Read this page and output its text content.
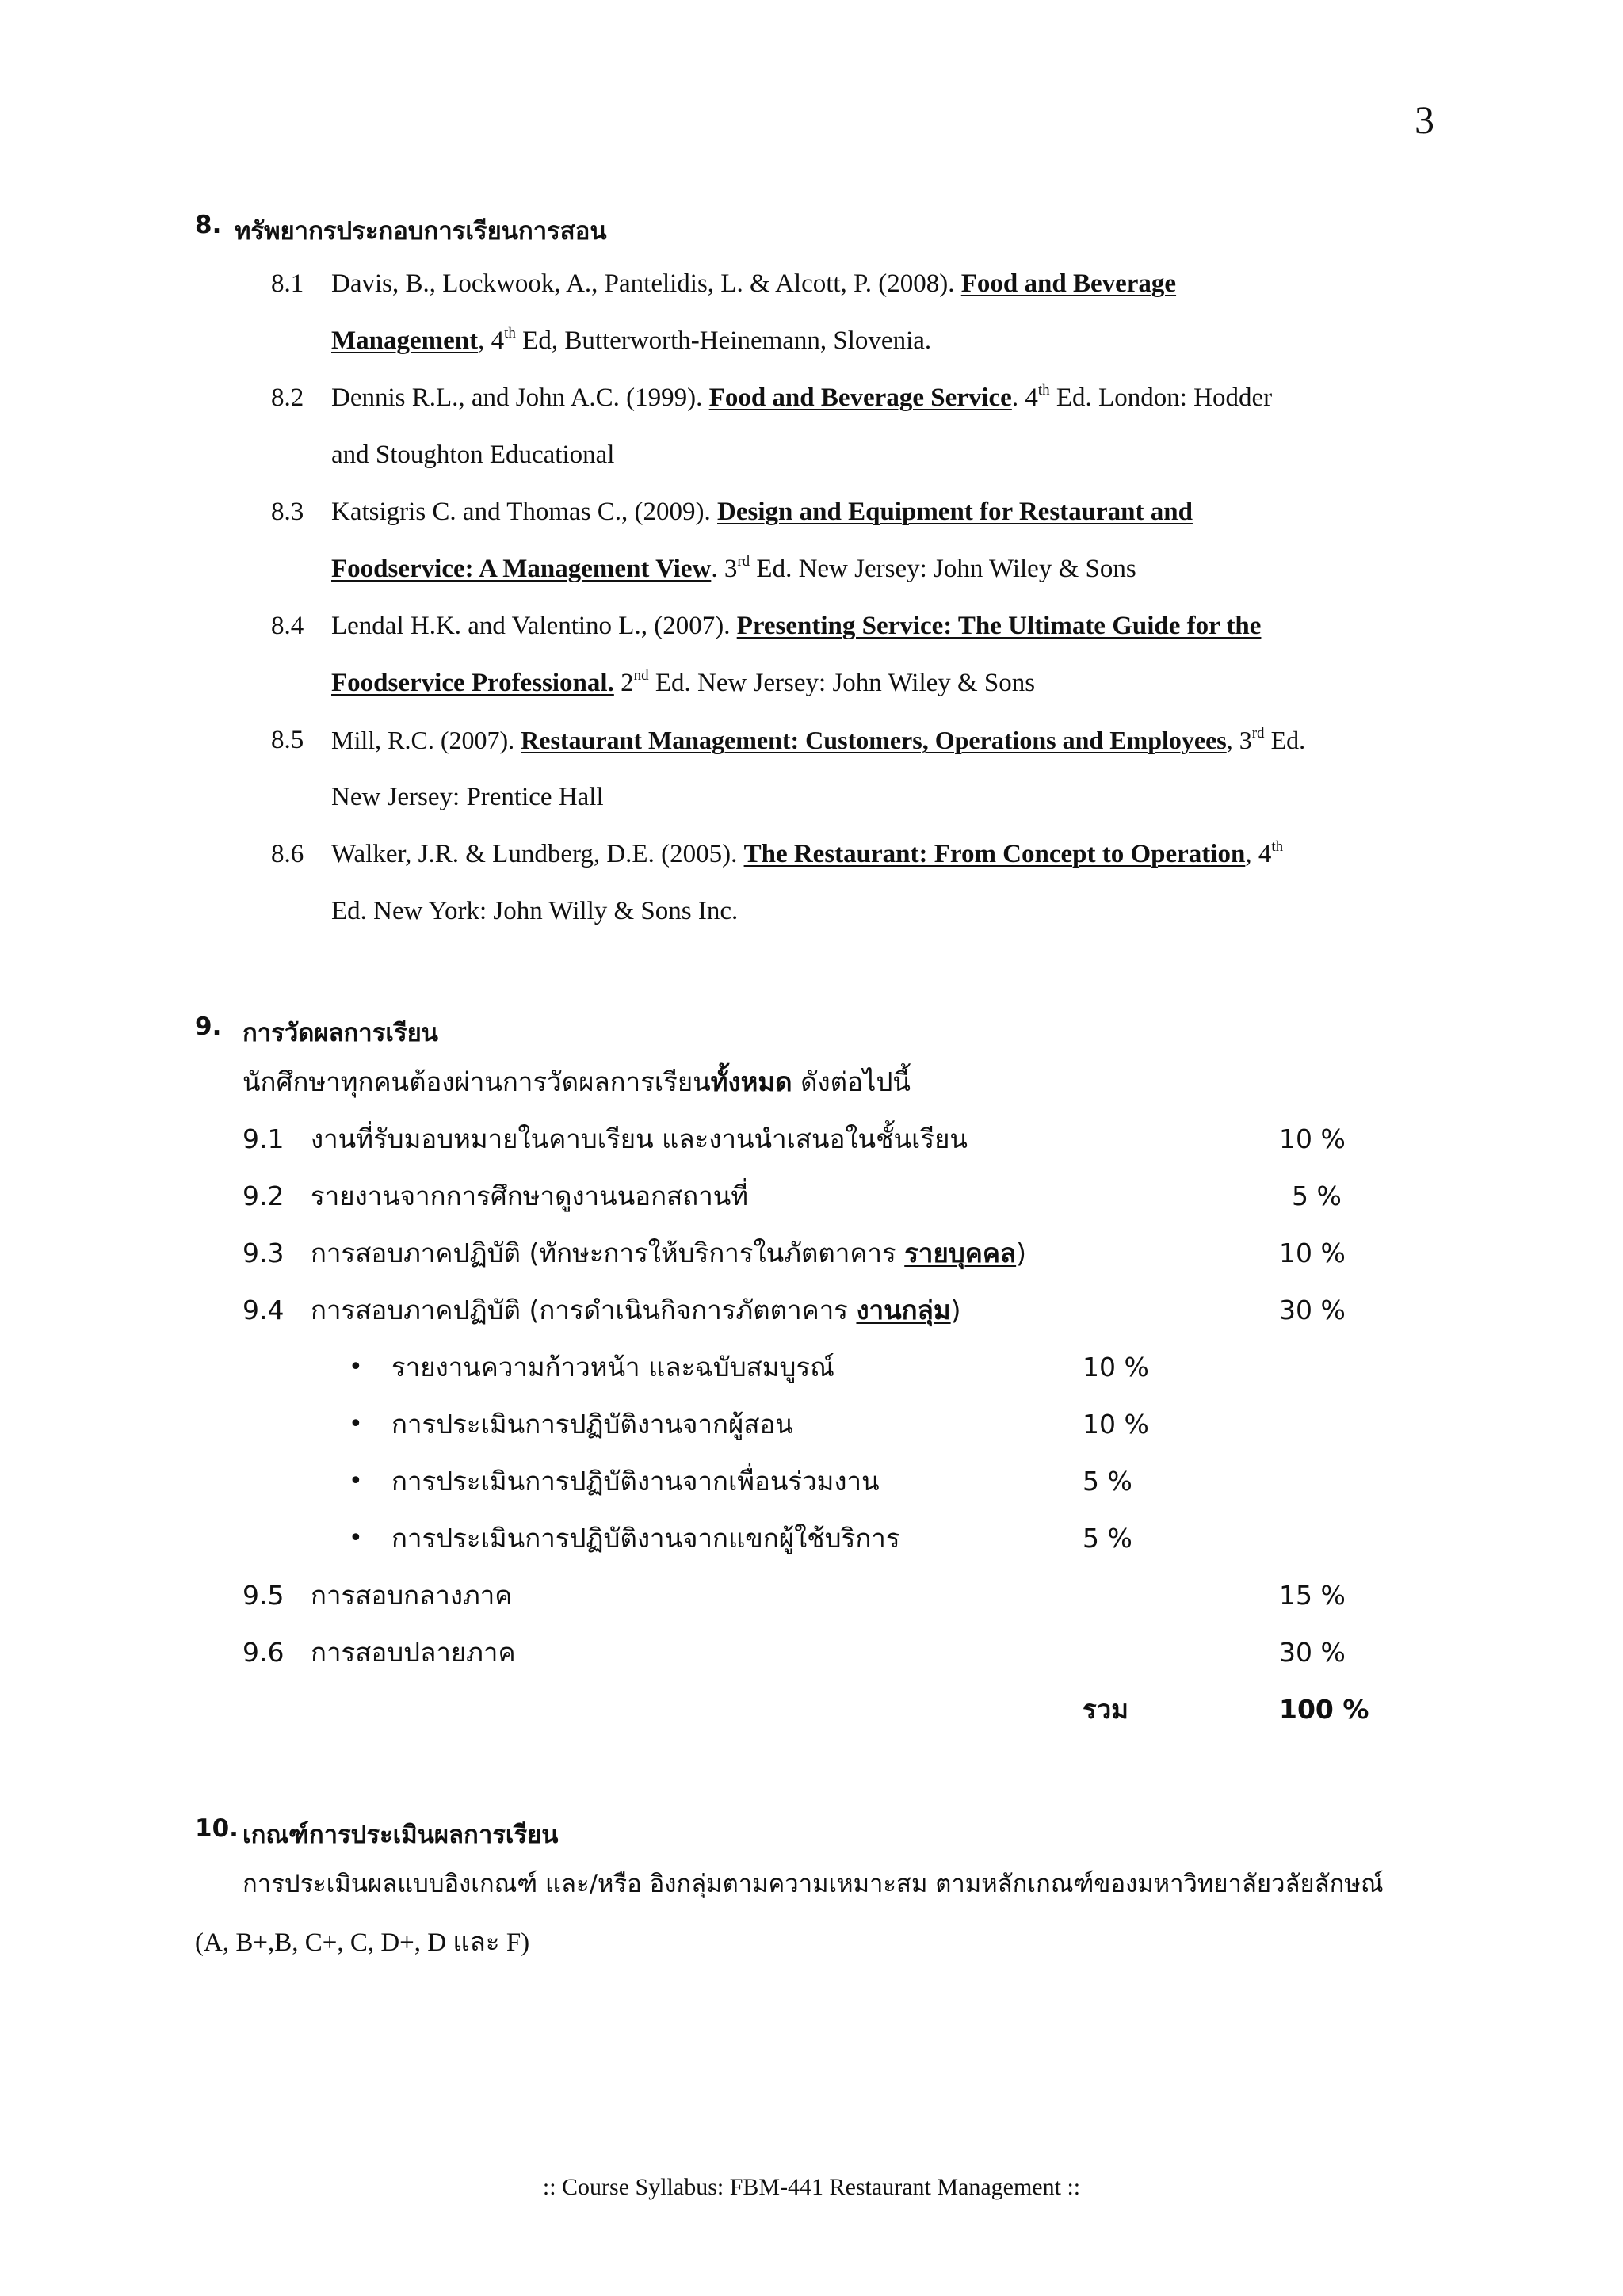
3
8. ทรัพยากรประกอบการเรียนการสอน
8.1 Davis, B., Lockwook, A., Pantelidis, L. & Alcott, P. (2008). Food and Beverage
Management, 4th Ed, Butterworth-Heinemann, Slovenia.
8.2 Dennis R.L., and John A.C. (1999). Food and Beverage Service. 4th Ed. London: Hodder
and Stoughton Educational
8.3 Katsigris C. and Thomas C., (2009). Design and Equipment for Restaurant and
Foodservice: A Management View. 3rd Ed. New Jersey: John Wiley & Sons
8.4 Lendal H.K. and Valentino L., (2007). Presenting Service: The Ultimate Guide for the
Foodservice Professional. 2nd Ed. New Jersey: John Wiley & Sons
8.5 Mill, R.C. (2007). Restaurant Management: Customers, Operations and Employees, 3rd Ed.
New Jersey: Prentice Hall
8.6 Walker, J.R. & Lundberg, D.E. (2005). The Restaurant: From Concept to Operation, 4th
Ed. New York: John Willy & Sons Inc.
9. การวัดผลการเรียน
นักศึกษาทุกคนต้องผ่านการวัดผลการเรียนทั้งหมด ดังต่อไปนี้
9.1 งานที่รับมอบหมายในคาบเรียน และงานนำเสนอในชั้นเรียน	10 %
9.2 รายงานจากการศึกษาดูงานนอกสถานที่	5 %
9.3 การสอบภาคปฏิบัติ (ทักษะการให้บริการในภัตตาคาร รายบุคคล)	10 %
9.4 การสอบภาคปฏิบัติ (การดำเนินกิจการภัตตาคาร งานกลุ่ม)	30 %
• รายงานความก้าวหน้า และฉบับสมบูรณ์	10 %
• การประเมินการปฏิบัติงานจากผู้สอน	10 %
• การประเมินการปฏิบัติงานจากเพื่อนร่วมงาน	5 %
• การประเมินการปฏิบัติงานจากแขกผู้ใช้บริการ	5 %
9.5 การสอบกลางภาค	15 %
9.6 การสอบปลายภาค	30 %
รวม	100 %
10. เกณฑ์การประเมินผลการเรียน
การประเมินผลแบบอิงเกณฑ์ และ/หรือ อิงกลุ่มตามความเหมาะสม ตามหลักเกณฑ์ของมหาวิทยาลัยวลัยลักษณ์
(A, B+,B, C+, C, D+, D และ F)
:: Course Syllabus: FBM-441 Restaurant Management ::
